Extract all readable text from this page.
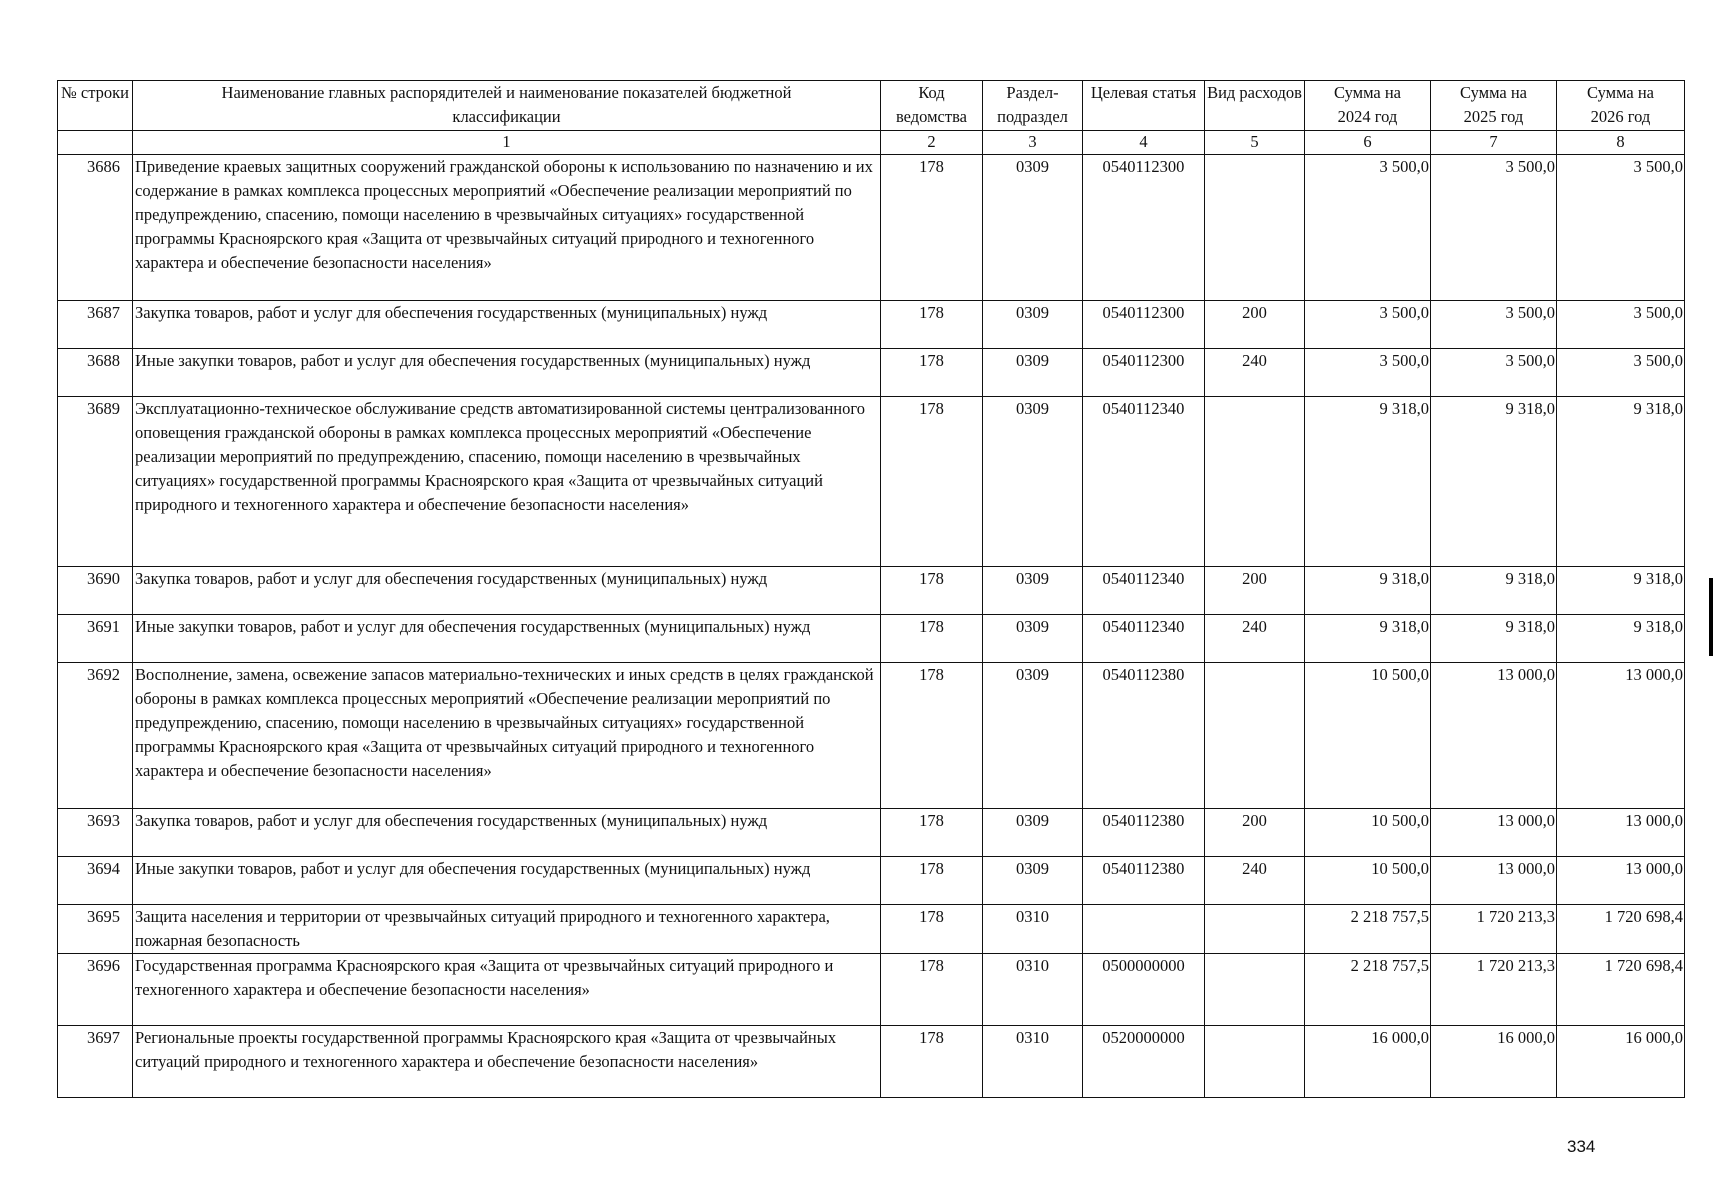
№ строки	Наименование главных распорядителей и наименование показателей бюджетной классификации	Код ведомства	Раздел-подраздел	Целевая статья	Вид расходов	Сумма на 2024 год	Сумма на 2025 год	Сумма на 2026 год
	1	2	3	4	5	6	7	8
3686	Приведение краевых защитных сооружений гражданской обороны к использованию по назначению и их содержание в рамках комплекса процессных мероприятий «Обеспечение реализации мероприятий по предупреждению, спасению, помощи населению в чрезвычайных ситуациях» государственной программы Красноярского края «Защита от чрезвычайных ситуаций природного и техногенного характера и обеспечение безопасности населения»	178	0309	0540112300		3 500,0	3 500,0	3 500,0
3687	Закупка товаров, работ и услуг для обеспечения государственных (муниципальных) нужд	178	0309	0540112300	200	3 500,0	3 500,0	3 500,0
3688	Иные закупки товаров, работ и услуг для обеспечения государственных (муниципальных) нужд	178	0309	0540112300	240	3 500,0	3 500,0	3 500,0
3689	Эксплуатационно-техническое обслуживание средств автоматизированной системы централизованного оповещения гражданской обороны в рамках комплекса процессных мероприятий «Обеспечение реализации мероприятий по предупреждению, спасению, помощи населению в чрезвычайных ситуациях» государственной программы Красноярского края «Защита от чрезвычайных ситуаций природного и техногенного характера и обеспечение безопасности населения»	178	0309	0540112340		9 318,0	9 318,0	9 318,0
3690	Закупка товаров, работ и услуг для обеспечения государственных (муниципальных) нужд	178	0309	0540112340	200	9 318,0	9 318,0	9 318,0
3691	Иные закупки товаров, работ и услуг для обеспечения государственных (муниципальных) нужд	178	0309	0540112340	240	9 318,0	9 318,0	9 318,0
3692	Восполнение, замена, освежение запасов материально-технических и иных средств в целях гражданской обороны в рамках комплекса процессных мероприятий «Обеспечение реализации мероприятий по предупреждению, спасению, помощи населению в чрезвычайных ситуациях» государственной программы Красноярского края «Защита от чрезвычайных ситуаций природного и техногенного характера и обеспечение безопасности населения»	178	0309	0540112380		10 500,0	13 000,0	13 000,0
3693	Закупка товаров, работ и услуг для обеспечения государственных (муниципальных) нужд	178	0309	0540112380	200	10 500,0	13 000,0	13 000,0
3694	Иные закупки товаров, работ и услуг для обеспечения государственных (муниципальных) нужд	178	0309	0540112380	240	10 500,0	13 000,0	13 000,0
3695	Защита населения и территории от чрезвычайных ситуаций природного и техногенного характера, пожарная безопасность	178	0310			2 218 757,5	1 720 213,3	1 720 698,4
3696	Государственная программа Красноярского края «Защита от чрезвычайных ситуаций природного и техногенного характера и обеспечение безопасности населения»	178	0310	0500000000		2 218 757,5	1 720 213,3	1 720 698,4
3697	Региональные проекты государственной программы Красноярского края «Защита от чрезвычайных ситуаций природного и техногенного характера и обеспечение безопасности населения»	178	0310	0520000000		16 000,0	16 000,0	16 000,0
334
